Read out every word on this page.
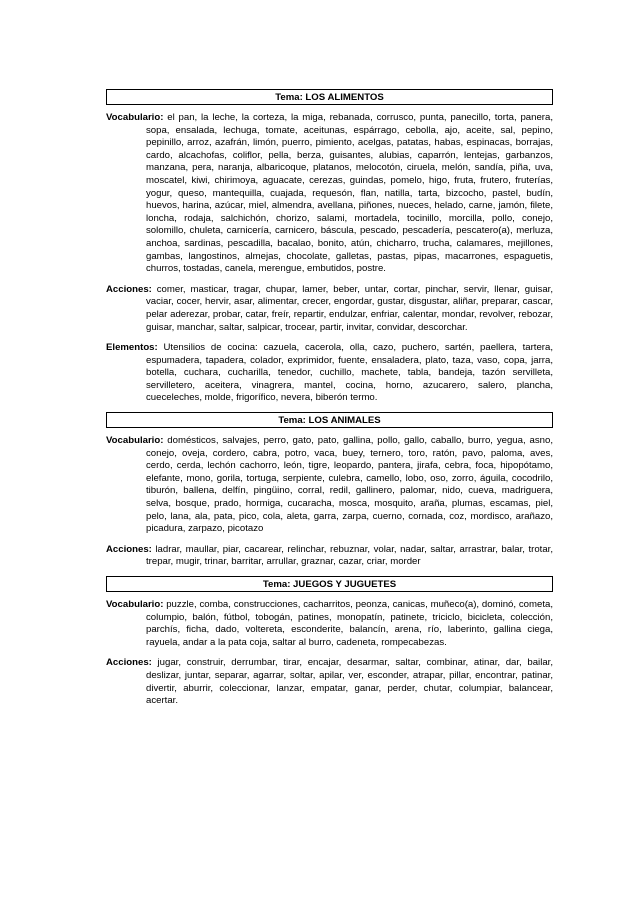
Tema: LOS ALIMENTOS

Vocabulario: el pan, la leche, la corteza, la miga, rebanada, corrusco, punta, panecillo, torta, panera, sopa, ensalada, lechuga, tomate, aceitunas, espárrago, cebolla, ajo, aceite, sal, pepino, pepinillo, arroz, azafrán, limón, puerro, pimiento, acelgas, patatas, habas, espinacas, borrajas, cardo, alcachofas, coliflor, pella, berza, guisantes, alubias, caparrón, lentejas, garbanzos, manzana, pera, naranja, albaricoque, platanos, melocotón, ciruela, melón, sandía, piña, uva, moscatel, kiwi, chirimoya, aguacate, cerezas, guindas, pomelo, higo, fruta, frutero, fruterías, yogur, queso, mantequilla, cuajada, requesón, flan, natilla, tarta, bizcocho, pastel, budín, huevos, harina, azúcar, miel, almendra, avellana, piñones, nueces, helado, carne, jamón, filete, loncha, rodaja, salchichón, chorizo, salami, mortadela, tocinillo, morcilla, pollo, conejo, solomillo, chuleta, carnicería, carnicero, báscula, pescado, pescadería, pescatero(a), merluza, anchoa, sardinas, pescadilla, bacalao, bonito, atún, chicharro, trucha, calamares, mejillones, gambas, langostinos, almejas, chocolate, galletas, pastas, pipas, macarrones, espaguetis, churros, tostadas, canela, merengue, embutidos, postre.

Acciones: comer, masticar, tragar, chupar, lamer, beber, untar, cortar, pinchar, servir, llenar, guisar, vaciar, cocer, hervir, asar, alimentar, crecer, engordar, gustar, disgustar, aliñar, preparar, cascar, pelar aderezar, probar, catar, freír, repartir, endulzar, enfriar, calentar, mondar, revolver, rebozar, guisar, manchar, saltar, salpicar, trocear, partir, invitar, convidar, descorchar.

Elementos: Utensilios de cocina: cazuela, cacerola, olla, cazo, puchero, sartén, paellera, tartera, espumadera, tapadera, colador, exprimidor, fuente, ensaladera, plato, taza, vaso, copa, jarra, botella, cuchara, cucharilla, tenedor, cuchillo, machete, tabla, bandeja, tazón servilleta, servilletero, aceitera, vinagrera, mantel, cocina, horno, azucarero, salero, plancha, cueceleches, molde, frigorífico, nevera, biberón termo.

Tema: LOS ANIMALES

Vocabulario: domésticos, salvajes, perro, gato, pato, gallina, pollo, gallo, caballo, burro, yegua, asno, conejo, oveja, cordero, cabra, potro, vaca, buey, ternero, toro, ratón, pavo, paloma, aves, cerdo, cerda, lechón cachorro, león, tigre, leopardo, pantera, jirafa, cebra, foca, hipopótamo, elefante, mono, gorila, tortuga, serpiente, culebra, camello, lobo, oso, zorro, águila, cocodrilo, tiburón, ballena, delfín, pingüino, corral, redil, gallinero, palomar, nido, cueva, madriguera, selva, bosque, prado, hormiga, cucaracha, mosca, mosquito, araña, plumas, escamas, piel, pelo, lana, ala, pata, pico, cola, aleta, garra, zarpa, cuerno, cornada, coz, mordisco, arañazo, picadura, zarpazo, picotazo

Acciones: ladrar, maullar, piar, cacarear, relinchar, rebuznar, volar, nadar, saltar, arrastrar, balar, trotar, trepar, mugir, trinar, barritar, arrullar, graznar, cazar, criar, morder

Tema: JUEGOS Y JUGUETES

Vocabulario: puzzle, comba, construcciones, cacharritos, peonza, canicas, muñeco(a), dominó, cometa, columpio, balón, fútbol, tobogán, patines, monopatín, patinete, triciclo, bicicleta, colección, parchís, ficha, dado, voltereta, esconderite, balancín, arena, río, laberinto, gallina ciega, rayuela, andar a la pata coja, saltar al burro, cadeneta, rompecabezas.

Acciones: jugar, construir, derrumbar, tirar, encajar, desarmar, saltar, combinar, atinar, dar, bailar, deslizar, juntar, separar, agarrar, soltar, apilar, ver, esconder, atrapar, pillar, encontrar, patinar, divertir, aburrir, coleccionar, lanzar, empatar, ganar, perder, chutar, columpiar, balancear, acertar.
